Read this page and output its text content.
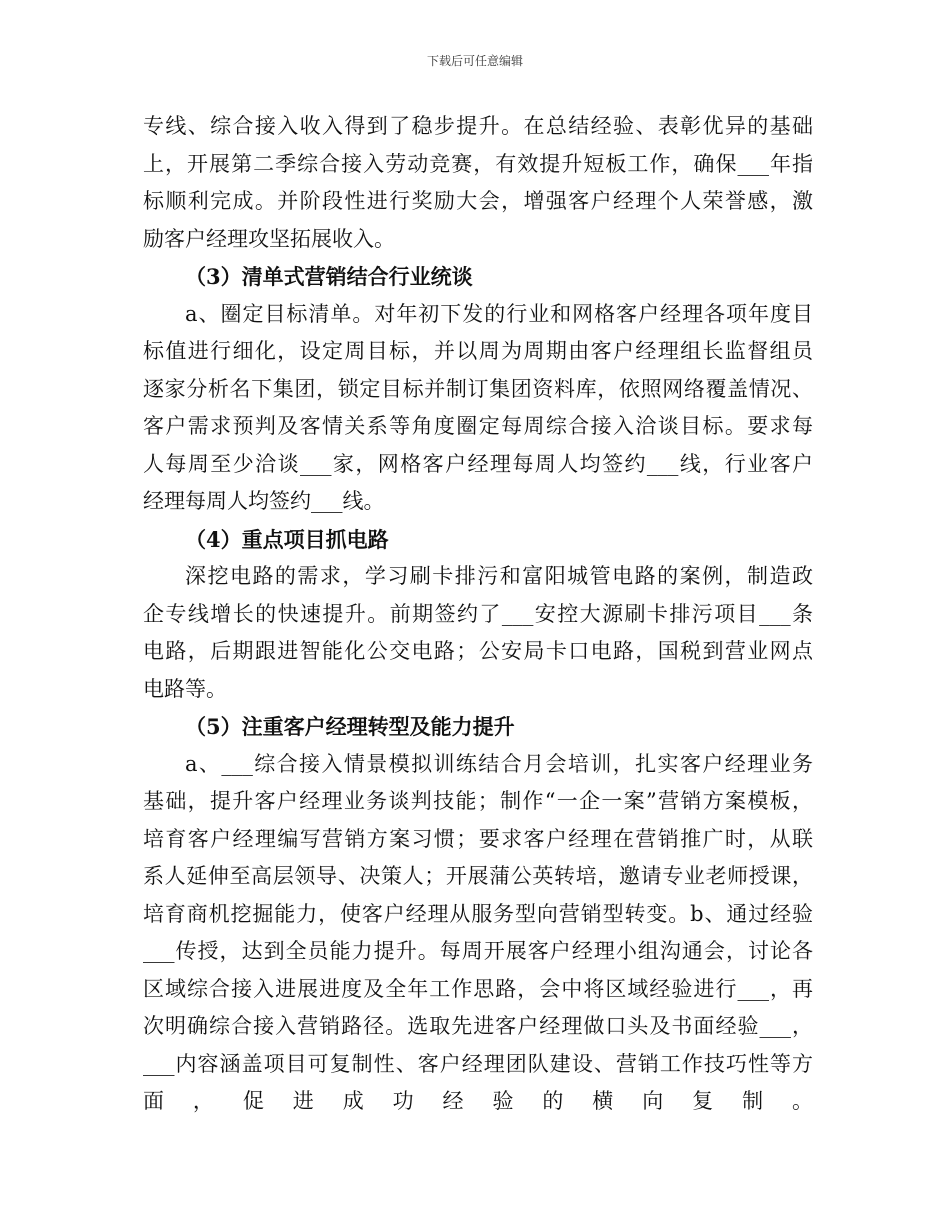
下载后可任意编辑

专线、综合接入收入得到了稳步提升。在总结经验、表彰优异的基础

上，开展第二季综合接入劳动竞赛，有效提升短板工作，确保___年指

标顺利完成。并阶段性进行奖励大会，增强客户经理个人荣誉感，激

励客户经理攻坚拓展收入。

（3）清单式营销结合行业统谈

a、圈定目标清单。对年初下发的行业和网格客户经理各项年度目

标值进行细化，设定周目标，并以周为周期由客户经理组长监督组员

逐家分析名下集团，锁定目标并制订集团资料库，依照网络覆盖情况、

客户需求预判及客情关系等角度圈定每周综合接入洽谈目标。要求每

人每周至少洽谈___家，网格客户经理每周人均签约___线，行业客户

经理每周人均签约___线。

（4）重点项目抓电路

深挖电路的需求，学习刷卡排污和富阳城管电路的案例，制造政

企专线增长的快速提升。前期签约了___安控大源刷卡排污项目___条

电路，后期跟进智能化公交电路；公安局卡口电路，国税到营业网点

电路等。

（5）注重客户经理转型及能力提升

a、___综合接入情景模拟训练结合月会培训，扎实客户经理业务

基础，提升客户经理业务谈判技能；制作“一企一案”营销方案模板，

培育客户经理编写营销方案习惯；要求客户经理在营销推广时，从联

系人延伸至高层领导、决策人；开展蒲公英转培，邀请专业老师授课，

培育商机挖掘能力，使客户经理从服务型向营销型转变。b、通过经验

___传授，达到全员能力提升。每周开展客户经理小组沟通会，讨论各

区域综合接入进展进度及全年工作思路，会中将区域经验进行___，再

次明确综合接入营销路径。选取先进客户经理做口头及书面经验___，

___内容涵盖项目可复制性、客户经理团队建设、营销工作技巧性等方

面，促进成功经验的横向复制。
